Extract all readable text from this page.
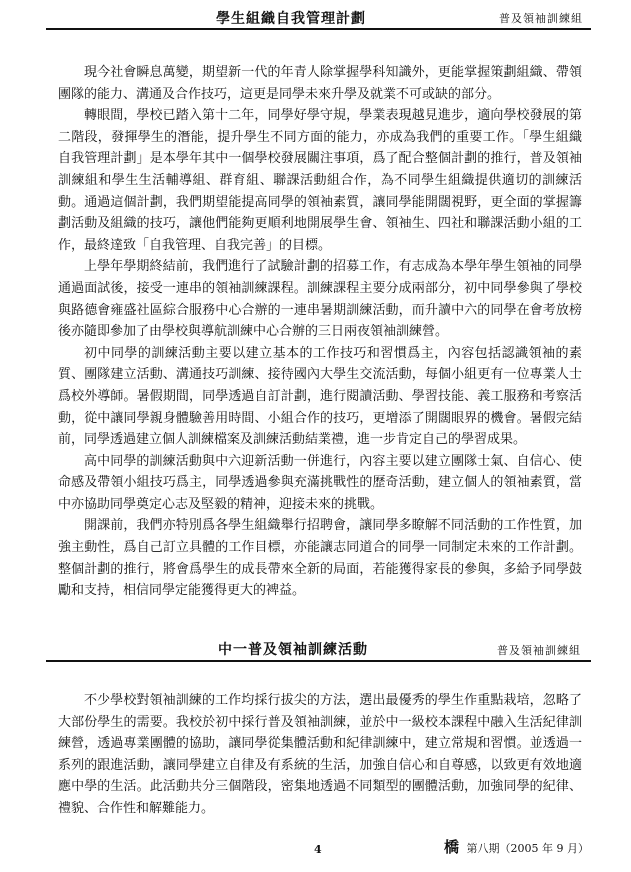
學生組織自我管理計劃	普及領袖訓練組

現今社會瞬息萬變，期望新一代的年青人除掌握學科知識外，更能掌握策劃組織、帶領團隊的能力、溝通及合作技巧，這更是同學未來升學及就業不可或缺的部分。

轉眼間，學校已踏入第十二年，同學好學守規，學業表現越見進步，適向學校發展的第二階段，發揮學生的潛能，提升學生不同方面的能力，亦成為我們的重要工作。「學生組織自我管理計劃」是本學年其中一個學校發展關注事項，爲了配合整個計劃的推行，普及領袖訓練組和學生生活輔導組、群育組、聯課活動組合作，為不同學生組織提供適切的訓練活動。通過這個計劃，我們期望能提高同學的領袖素質，讓同學能開闊視野，更全面的掌握籌劃活動及組織的技巧，讓他們能夠更順利地開展學生會、領袖生、四社和聯課活動小組的工作，最終達致「自我管理、自我完善」的目標。

上學年學期終結前，我們進行了試驗計劃的招募工作，有志成為本學年學生領袖的同學通過面試後，接受一連串的領袖訓練課程。訓練課程主要分成兩部分，初中同學參與了學校與路德會雍盛社區綜合服務中心合辦的一連串暑期訓練活動，而升讀中六的同學在會考放榜後亦隨即參加了由學校與導航訓練中心合辦的三日兩夜領袖訓練營。

初中同學的訓練活動主要以建立基本的工作技巧和習慣爲主，內容包括認識領袖的素質、團隊建立活動、溝通技巧訓練、接待國內大學生交流活動，每個小組更有一位專業人士爲校外導師。暑假期間，同學透過自訂計劃，進行閱讀活動、學習技能、義工服務和考察活動，從中讓同學親身體驗善用時間、小組合作的技巧，更增添了開闊眼界的機會。暑假完結前，同學透過建立個人訓練檔案及訓練活動結業禮，進一步肯定自己的學習成果。

高中同學的訓練活動與中六迎新活動一併進行，內容主要以建立團隊士氣、自信心、使命感及帶領小組技巧爲主，同學透過參與充滿挑戰性的歷奇活動，建立個人的領袖素質，當中亦協助同學奠定心志及堅毅的精神，迎接未來的挑戰。

開課前，我們亦特別爲各學生組織舉行招聘會，讓同學多瞭解不同活動的工作性質，加強主動性，爲自己訂立具體的工作目標，亦能讓志同道合的同學一同制定未來的工作計劃。整個計劃的推行，將會爲學生的成長帶來全新的局面，若能獲得家長的參與，多給予同學鼓勵和支持，相信同學定能獲得更大的裨益。

中一普及領袖訓練活動	普及領袖訓練組

不少學校對領袖訓練的工作均採行拔尖的方法，選出最優秀的學生作重點栽培，忽略了大部份學生的需要。我校於初中採行普及領袖訓練，並於中一級校本課程中融入生活紀律訓練營，透過專業團體的協助，讓同學從集體活動和紀律訓練中，建立常規和習慣。並透過一系列的跟進活動，讓同學建立自律及有系統的生活，加強自信心和自尊感，以致更有效地適應中學的生活。此活動共分三個階段，密集地透過不同類型的團體活動，加強同學的紀律、禮貌、合作性和解難能力。

4	橋 第八期（2005 年 9 月）
